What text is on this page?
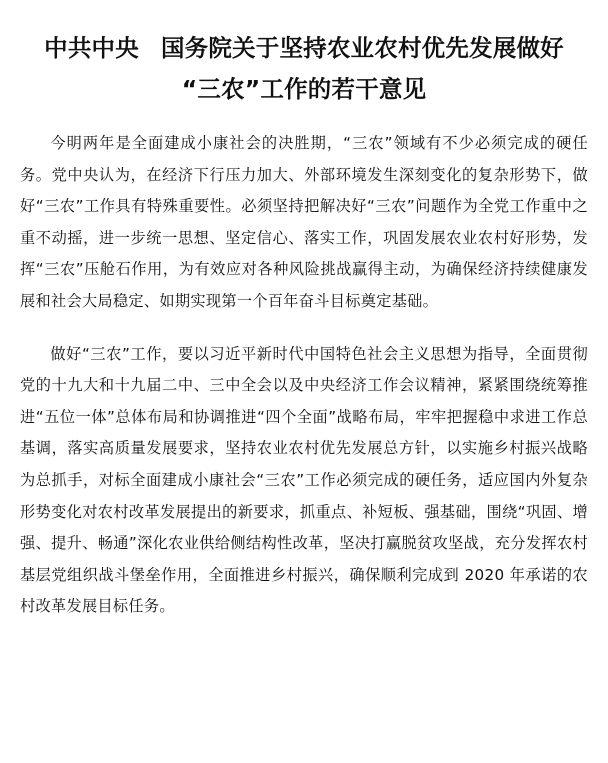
中共中央 国务院关于坚持农业农村优先发展做好
“三农”工作的若干意见

今明两年是全面建成小康社会的决胜期，“三农”领域有不少必须完成的硬任务。党中央认为，在经济下行压力加大、外部环境发生深刻变化的复杂形势下，做好“三农”工作具有特殊重要性。必须坚持把解决好“三农”问题作为全党工作重中之重不动摇，进一步统一思想、坚定信心、落实工作，巩固发展农业农村好形势，发挥“三农”压舱石作用，为有效应对各种风险挑战赢得主动，为确保经济持续健康发展和社会大局稳定、如期实现第一个百年奋斗目标奠定基础。

做好“三农”工作，要以习近平新时代中国特色社会主义思想为指导，全面贯彻党的十九大和十九届二中、三中全会以及中央经济工作会议精神，紧紧围绕统筹推进“五位一体”总体布局和协调推进“四个全面”战略布局，牢牢把握稳中求进工作总基调，落实高质量发展要求，坚持农业农村优先发展总方针，以实施乡村振兴战略为总抓手，对标全面建成小康社会“三农”工作必须完成的硬任务，适应国内外复杂形势变化对农村改革发展提出的新要求，抓重点、补短板、强基础，围绕“巩固、增强、提升、畅通”深化农业供给侧结构性改革，坚决打赢脱贫攻坚战，充分发挥农村基层党组织战斗堡垒作用，全面推进乡村振兴，确保顺利完成到 2020 年承诺的农村改革发展目标任务。
